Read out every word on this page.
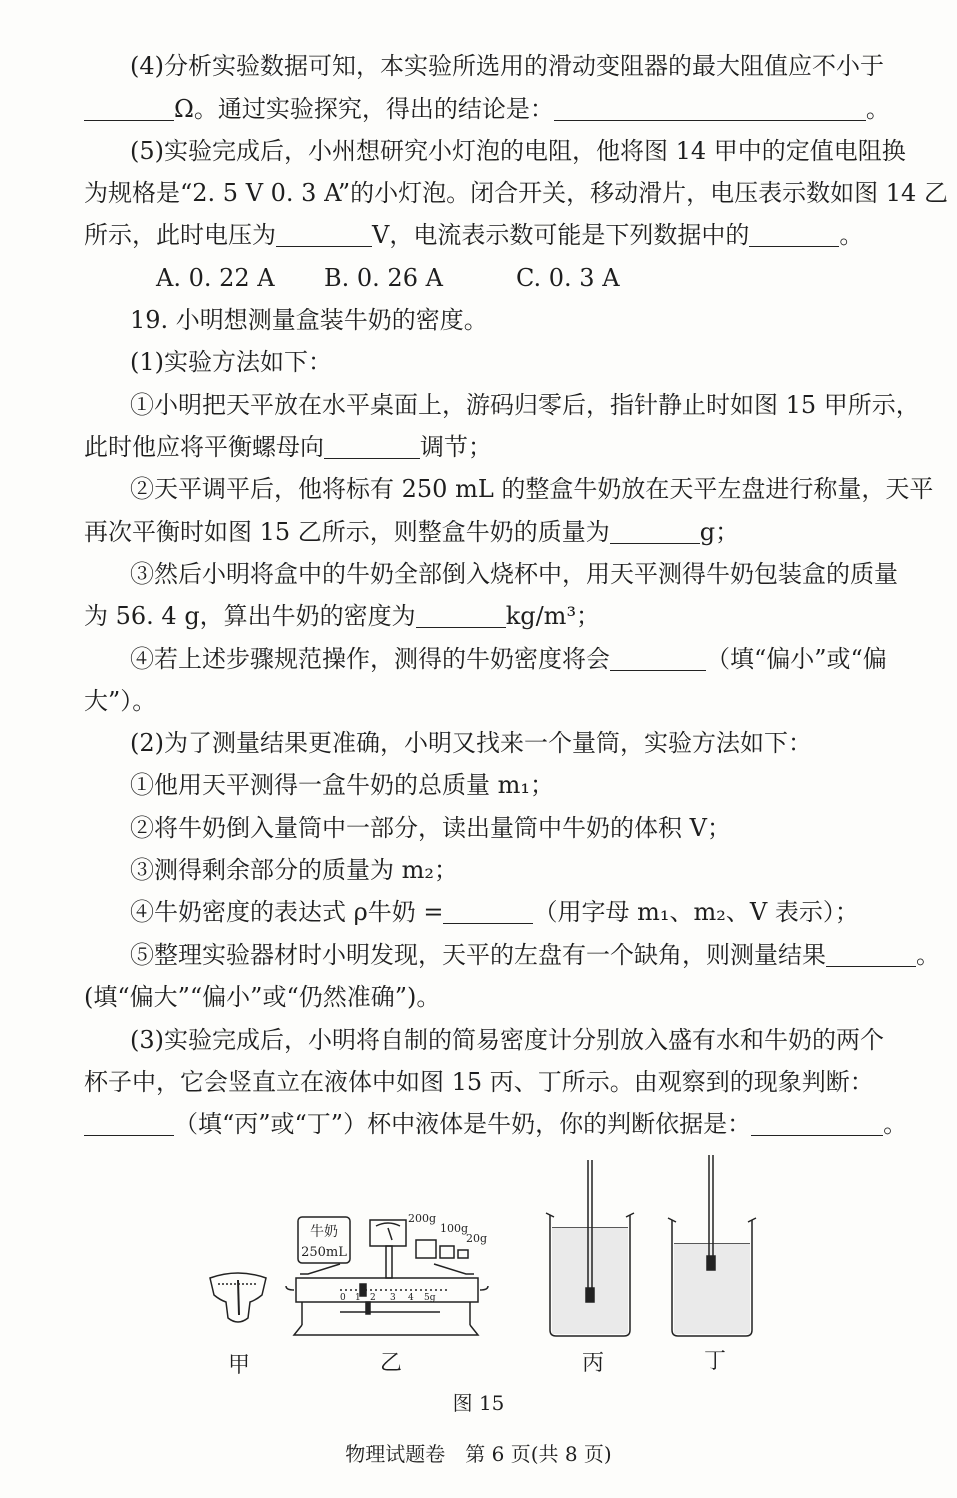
(4)分析实验数据可知，本实验所选用的滑动变阻器的最大阻值应不小于
Ω。通过实验探究，得出的结论是：	。
(5)实验完成后，小州想研究小灯泡的电阻，他将图 14 甲中的定值电阻换
为规格是“2. 5 V 0. 3 A”的小灯泡。闭合开关，移动滑片，电压表示数如图 14 乙
所示，此时电压为	V，电流表示数可能是下列数据中的	。
A. 0. 22 A B. 0. 26 A	C. 0. 3 A
19. 小明想测量盒装牛奶的密度。
(1)实验方法如下：
①小明把天平放在水平桌面上，游码归零后，指针静止时如图 15 甲所示，
此时他应将平衡螺母向	调节；
②天平调平后，他将标有 250 mL 的整盒牛奶放在天平左盘进行称量，天平
再次平衡时如图 15 乙所示，则整盒牛奶的质量为	g；
③然后小明将盒中的牛奶全部倒入烧杯中，用天平测得牛奶包装盒的质量
为 56. 4 g，算出牛奶的密度为	kg/m³；
④若上述步骤规范操作，测得的牛奶密度将会	（填“偏小”或“偏
大”）。
(2)为了测量结果更准确，小明又找来一个量筒，实验方法如下：
①他用天平测得一盒牛奶的总质量 m₁；
②将牛奶倒入量筒中一部分，读出量筒中牛奶的体积 V；
③测得剩余部分的质量为 m₂；
④牛奶密度的表达式 ρ牛奶 =	（用字母 m₁、m₂、V 表示）；
⑤整理实验器材时小明发现，天平的左盘有一个缺角，则测量结果	。
(填“偏大”“偏小”或“仍然准确”)。
(3)实验完成后，小明将自制的简易密度计分别放入盛有水和牛奶的两个
杯子中，它会竖直立在液体中如图 15 丙、丁所示。由观察到的现象判断：
（填“丙”或“丁”）杯中液体是牛奶，你的判断依据是：	。
牛奶
250mL
200g
100g
20g
0 1 2 3 4 5g
甲	乙	丙	丁
图 15
物理试题卷　第 6 页(共 8 页)
